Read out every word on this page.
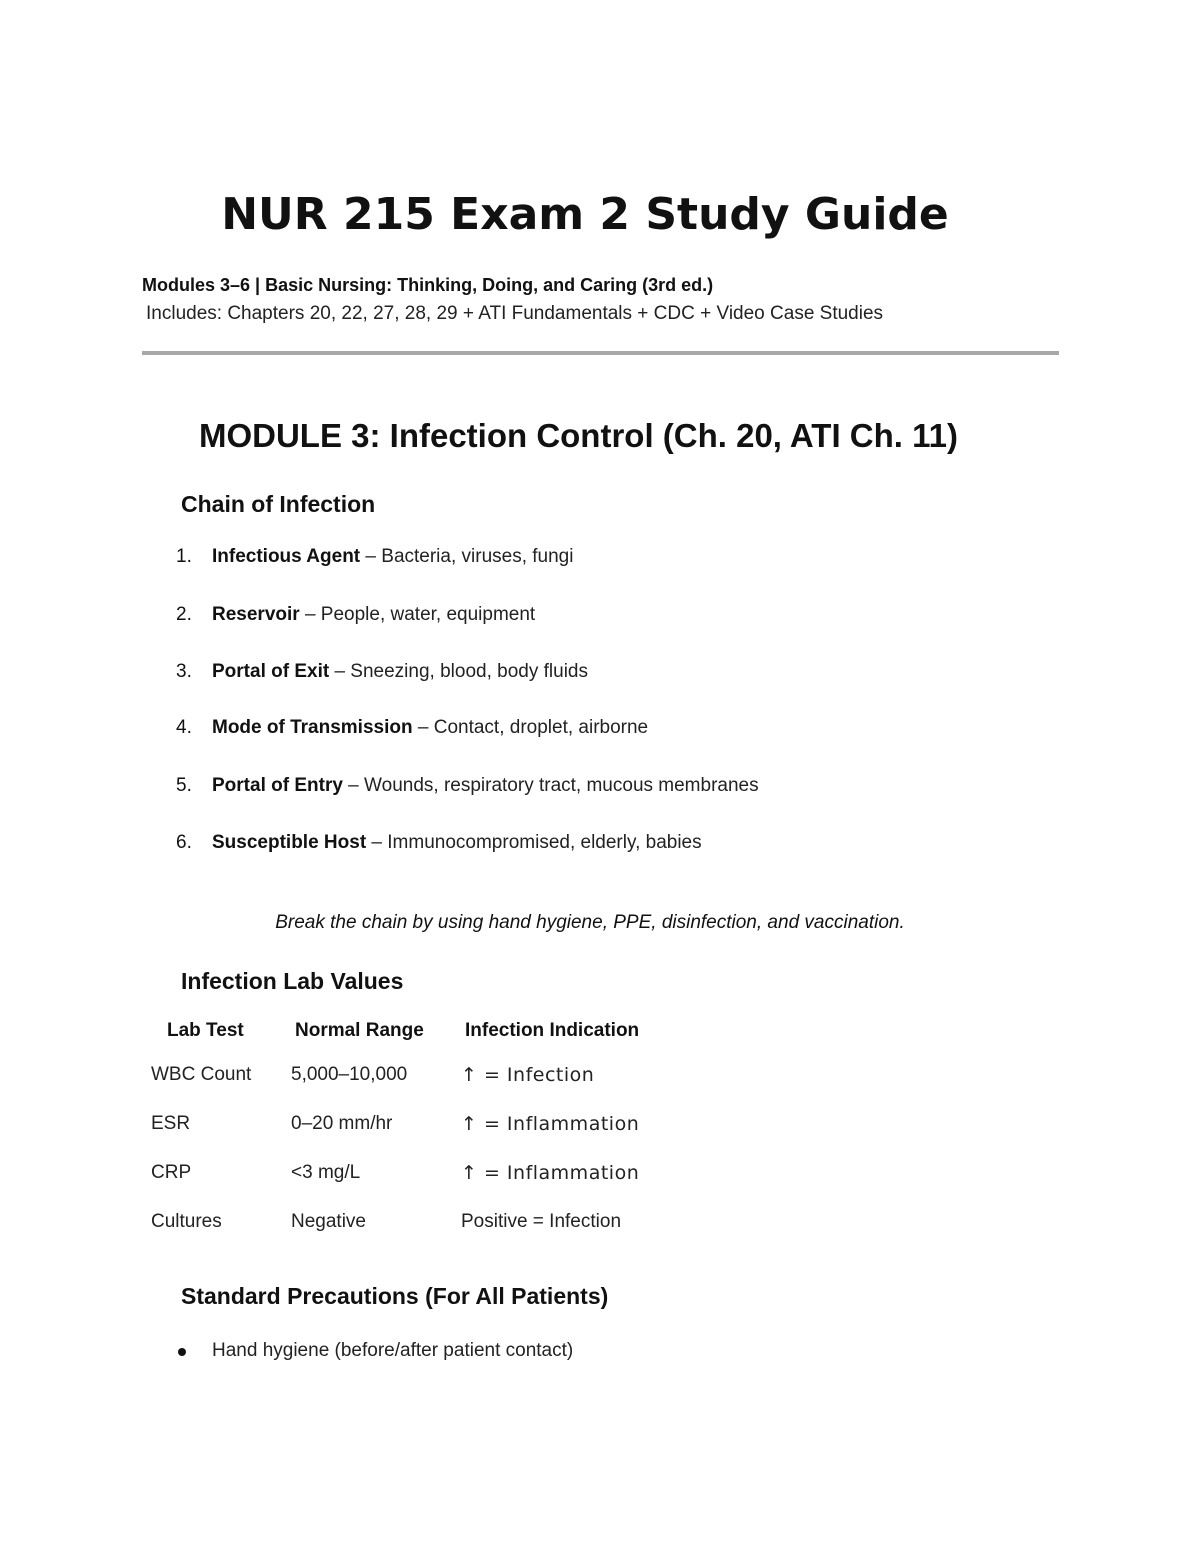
NUR 215 Exam 2 Study Guide

Modules 3–6 | Basic Nursing: Thinking, Doing, and Caring (3rd ed.)

Includes: Chapters 20, 22, 27, 28, 29 + ATI Fundamentals + CDC + Video Case Studies

MODULE 3: Infection Control (Ch. 20, ATI Ch. 11)
Chain of Infection
1. Infectious Agent – Bacteria, viruses, fungi
2. Reservoir – People, water, equipment
3. Portal of Exit – Sneezing, blood, body fluids
4. Mode of Transmission – Contact, droplet, airborne
5. Portal of Entry – Wounds, respiratory tract, mucous membranes
6. Susceptible Host – Immunocompromised, elderly, babies

Break the chain by using hand hygiene, PPE, disinfection, and vaccination.

Infection Lab Values
Lab Test	Normal Range	Infection Indication
WBC Count	5,000–10,000	↑ = Infection
ESR	0–20 mm/hr	↑ = Inflammation
CRP	<3 mg/L	↑ = Inflammation
Cultures	Negative	Positive = Infection
Standard Precautions (For All Patients)
Hand hygiene (before/after patient contact)
